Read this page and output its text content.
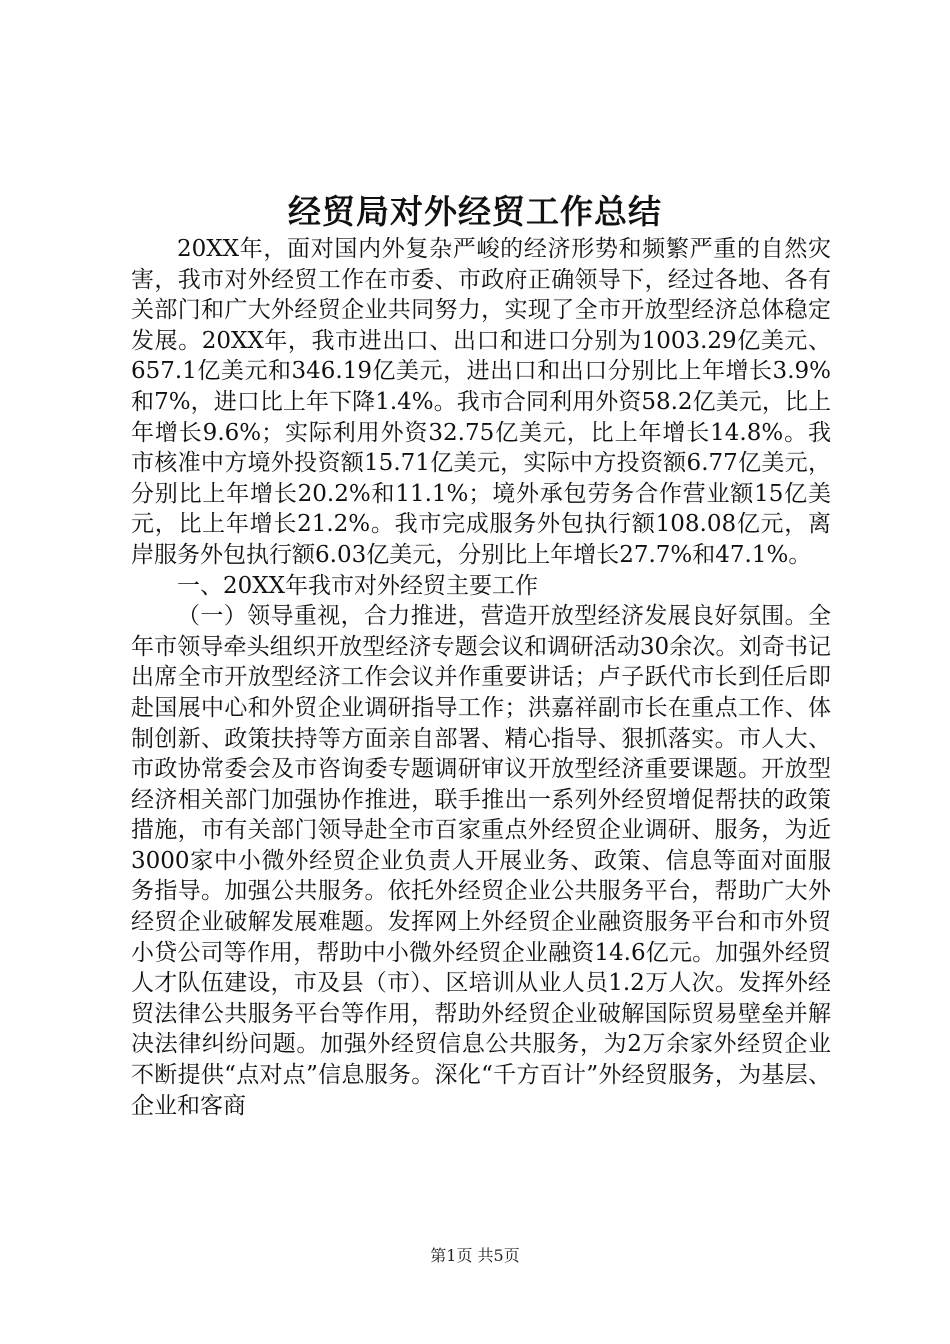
经贸局对外经贸工作总结

20XX年，面对国内外复杂严峻的经济形势和频繁严重的自然灾害，我市对外经贸工作在市委、市政府正确领导下，经过各地、各有关部门和广大外经贸企业共同努力，实现了全市开放型经济总体稳定发展。20XX年，我市进出口、出口和进口分别为1003.29亿美元、657.1亿美元和346.19亿美元，进出口和出口分别比上年增长3.9%和7%，进口比上年下降1.4%。我市合同利用外资58.2亿美元，比上年增长9.6%；实际利用外资32.75亿美元，比上年增长14.8%。我市核准中方境外投资额15.71亿美元，实际中方投资额6.77亿美元，分别比上年增长20.2%和11.1%；境外承包劳务合作营业额15亿美元，比上年增长21.2%。我市完成服务外包执行额108.08亿元，离岸服务外包执行额6.03亿美元，分别比上年增长27.7%和47.1%。

一、20XX年我市对外经贸主要工作

（一）领导重视，合力推进，营造开放型经济发展良好氛围。全年市领导牵头组织开放型经济专题会议和调研活动30余次。刘奇书记出席全市开放型经济工作会议并作重要讲话；卢子跃代市长到任后即赴国展中心和外贸企业调研指导工作；洪嘉祥副市长在重点工作、体制创新、政策扶持等方面亲自部署、精心指导、狠抓落实。市人大、市政协常委会及市咨询委专题调研审议开放型经济重要课题。开放型经济相关部门加强协作推进，联手推出一系列外经贸增促帮扶的政策措施，市有关部门领导赴全市百家重点外经贸企业调研、服务，为近3000家中小微外经贸企业负责人开展业务、政策、信息等面对面服务指导。加强公共服务。依托外经贸企业公共服务平台，帮助广大外经贸企业破解发展难题。发挥网上外经贸企业融资服务平台和市外贸小贷公司等作用，帮助中小微外经贸企业融资14.6亿元。加强外经贸人才队伍建设，市及县（市）、区培训从业人员1.2万人次。发挥外经贸法律公共服务平台等作用，帮助外经贸企业破解国际贸易壁垒并解决法律纠纷问题。加强外经贸信息公共服务，为2万余家外经贸企业不断提供“点对点”信息服务。深化“千方百计”外经贸服务，为基层、企业和客商

第1页 共5页
